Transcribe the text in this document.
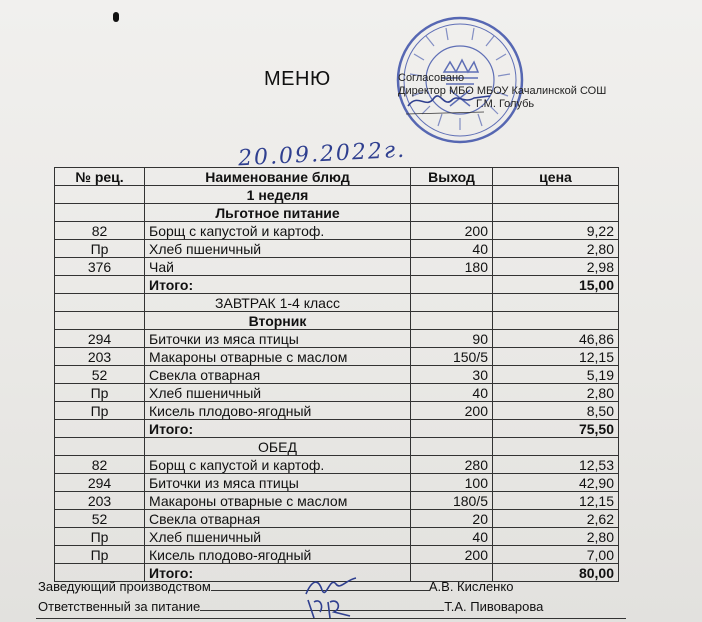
МЕНЮ	Согласовано
Директор МБО МБОУ Качалинской СОШ
Г.М. Голубь
20.09.2022г.
№ рец.	Наименование блюд	Выход	цена
	1 неделя		
	Льготное питание		
82	Борщ с капустой и картоф.	200	9,22
Пр	Хлеб пшеничный	40	2,80
376	Чай	180	2,98
	Итого:		15,00
	ЗАВТРАК 1-4 класс		
	Вторник		
294	Биточки из мяса птицы	90	46,86
203	Макароны отварные с маслом	150/5	12,15
52	Свекла отварная	30	5,19
Пр	Хлеб пшеничный	40	2,80
Пр	Кисель плодово-ягодный	200	8,50
	Итого:		75,50
	ОБЕД		
82	Борщ с капустой и картоф.	280	12,53
294	Биточки из мяса птицы	100	42,90
203	Макароны отварные с маслом	180/5	12,15
52	Свекла отварная	20	2,62
Пр	Хлеб пшеничный	40	2,80
Пр	Кисель плодово-ягодный	200	7,00
	Итого:		80,00
Заведующий производством	А.В. Кисленко
Ответственный за питание	Т.А. Пивоварова
